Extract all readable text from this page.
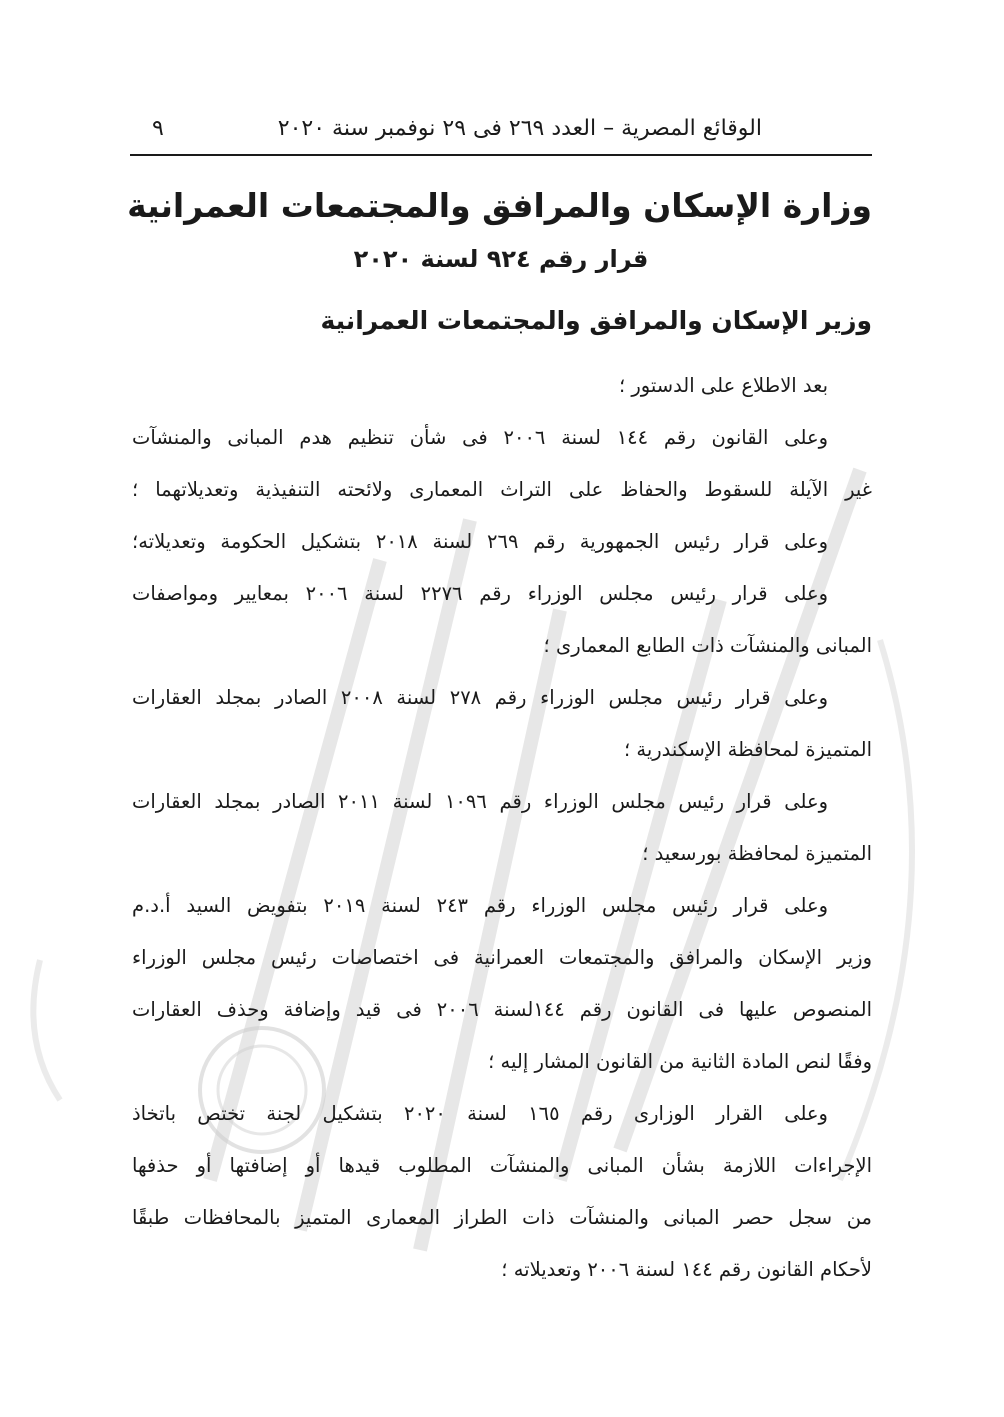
الوقائع المصرية – العدد ٢٦٩ فى ٢٩ نوفمبر سنة ٢٠٢٠
٩
وزارة الإسكان والمرافق والمجتمعات العمرانية
قرار رقم ٩٢٤ لسنة ٢٠٢٠
وزير الإسكان والمرافق والمجتمعات العمرانية
بعد الاطلاع على الدستور ؛
وعلى القانون رقم ١٤٤ لسنة ٢٠٠٦ فى شأن تنظيم هدم المبانى والمنشآت
غير الآيلة للسقوط والحفاظ على التراث المعمارى ولائحته التنفيذية وتعديلاتهما ؛
وعلى قرار رئيس الجمهورية رقم ٢٦٩ لسنة ٢٠١٨ بتشكيل الحكومة وتعديلاته؛
وعلى قرار رئيس مجلس الوزراء رقم ٢٢٧٦ لسنة ٢٠٠٦ بمعايير ومواصفات
المبانى والمنشآت ذات الطابع المعمارى ؛
وعلى قرار رئيس مجلس الوزراء رقم ٢٧٨ لسنة ٢٠٠٨ الصادر بمجلد العقارات
المتميزة لمحافظة الإسكندرية ؛
وعلى قرار رئيس مجلس الوزراء رقم ١٠٩٦ لسنة ٢٠١١ الصادر بمجلد العقارات
المتميزة لمحافظة بورسعيد ؛
وعلى قرار رئيس مجلس الوزراء رقم ٢٤٣ لسنة ٢٠١٩ بتفويض السيد أ.د.م
وزير الإسكان والمرافق والمجتمعات العمرانية فى اختصاصات رئيس مجلس الوزراء
المنصوص عليها فى القانون رقم ١٤٤لسنة ٢٠٠٦ فى قيد وإضافة وحذف العقارات
وفقًا لنص المادة الثانية من القانون المشار إليه ؛
وعلى القرار الوزارى رقم ١٦٥ لسنة ٢٠٢٠ بتشكيل لجنة تختص باتخاذ
الإجراءات اللازمة بشأن المبانى والمنشآت المطلوب قيدها أو إضافتها أو حذفها
من سجل حصر المبانى والمنشآت ذات الطراز المعمارى المتميز بالمحافظات طبقًا
لأحكام القانون رقم ١٤٤ لسنة ٢٠٠٦ وتعديلاته ؛
